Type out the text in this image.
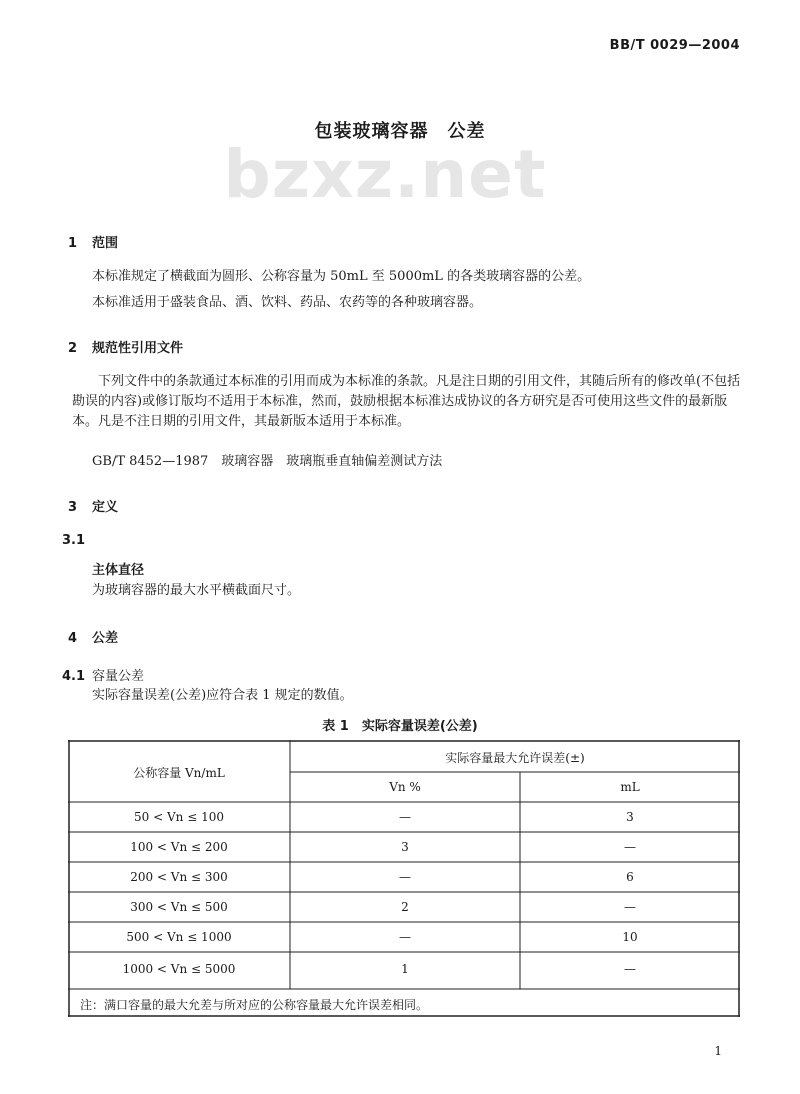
BB/T 0029—2004
包装玻璃容器　公差
bzxz.net
1 范围
本标准规定了横截面为圆形、公称容量为 50mL 至 5000mL 的各类玻璃容器的公差。
本标准适用于盛装食品、酒、饮料、药品、农药等的各种玻璃容器。
2 规范性引用文件
下列文件中的条款通过本标准的引用而成为本标准的条款。凡是注日期的引用文件，其随后所有的修改单(不包括勘误的内容)或修订版均不适用于本标准，然而，鼓励根据本标准达成协议的各方研究是否可使用这些文件的最新版本。凡是不注日期的引用文件，其最新版本适用于本标准。
GB/T 8452—1987　玻璃容器　玻璃瓶垂直轴偏差测试方法
3 定义
3.1
主体直径
为玻璃容器的最大水平横截面尺寸。
4 公差
4.1 容量公差
实际容量误差(公差)应符合表 1 规定的数值。
表 1　实际容量误差(公差)
公称容量 Vn/mL
实际容量最大允许误差(±)
Vn %	mL
50 < Vn ≤ 100	—	3
100 < Vn ≤ 200	3	—
200 < Vn ≤ 300	—	6
300 < Vn ≤ 500	2	—
500 < Vn ≤ 1000	—	10
1000 < Vn ≤ 5000	1	—
注：满口容量的最大允差与所对应的公称容量最大允许误差相同。
1
